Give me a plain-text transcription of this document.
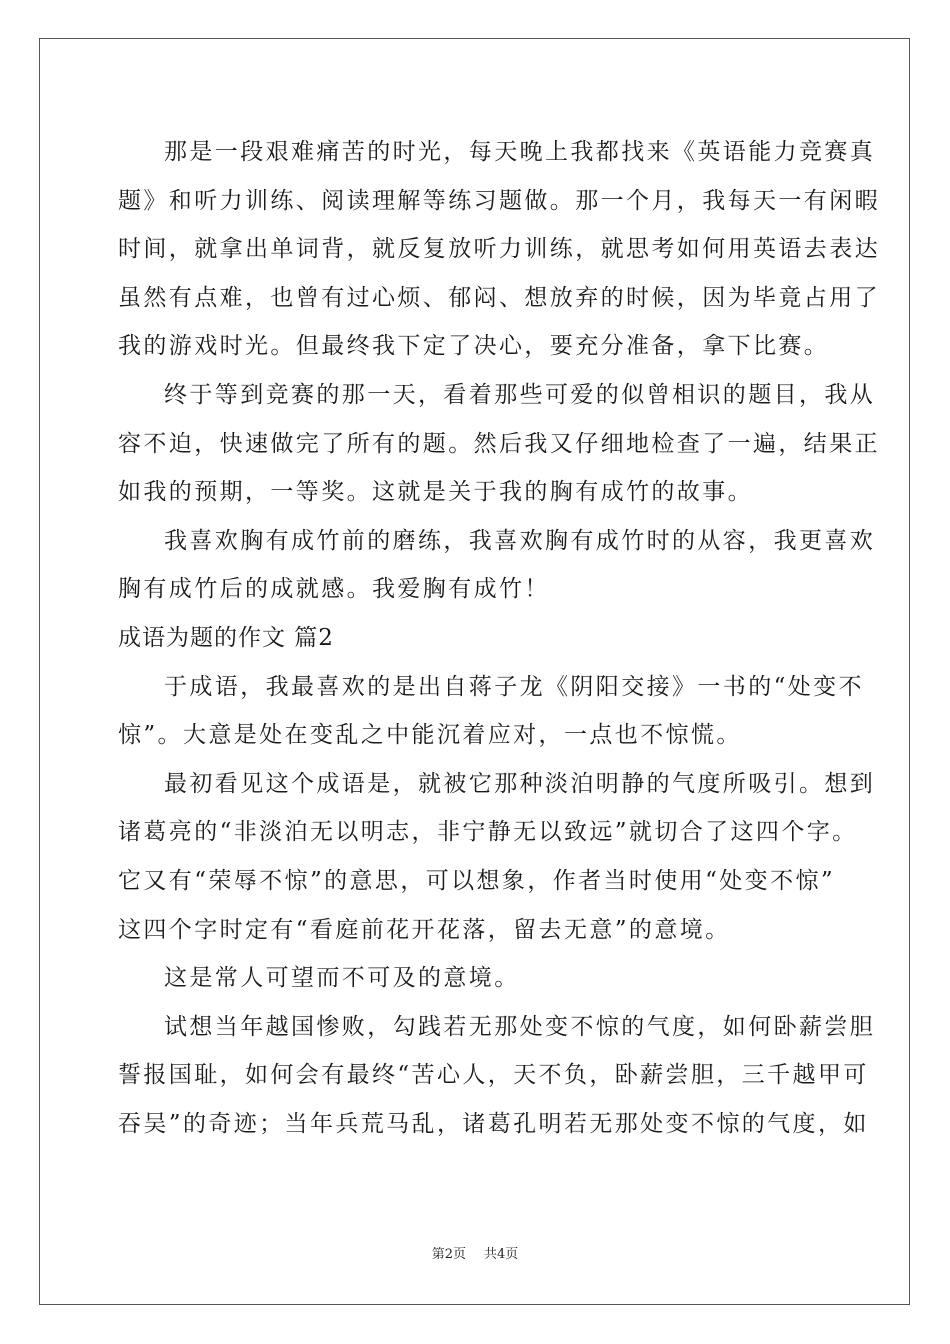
那是一段艰难痛苦的时光，每天晚上我都找来《英语能力竞赛真
题》和听力训练、阅读理解等练习题做。那一个月，我每天一有闲暇
时间，就拿出单词背，就反复放听力训练，就思考如何用英语去表达
虽然有点难，也曾有过心烦、郁闷、想放弃的时候，因为毕竟占用了
我的游戏时光。但最终我下定了决心，要充分准备，拿下比赛。

终于等到竞赛的那一天，看着那些可爱的似曾相识的题目，我从
容不迫，快速做完了所有的题。然后我又仔细地检查了一遍，结果正
如我的预期，一等奖。这就是关于我的胸有成竹的故事。

我喜欢胸有成竹前的磨练，我喜欢胸有成竹时的从容，我更喜欢
胸有成竹后的成就感。我爱胸有成竹！

成语为题的作文 篇2

于成语，我最喜欢的是出自蒋子龙《阴阳交接》一书的“处变不
惊”。大意是处在变乱之中能沉着应对，一点也不惊慌。

最初看见这个成语是，就被它那种淡泊明静的气度所吸引。想到
诸葛亮的“非淡泊无以明志，非宁静无以致远”就切合了这四个字。
它又有“荣辱不惊”的意思，可以想象，作者当时使用“处变不惊”
这四个字时定有“看庭前花开花落，留去无意”的意境。

这是常人可望而不可及的意境。

试想当年越国惨败，勾践若无那处变不惊的气度，如何卧薪尝胆
誓报国耻，如何会有最终“苦心人，天不负，卧薪尝胆，三千越甲可
吞吴”的奇迹；当年兵荒马乱，诸葛孔明若无那处变不惊的气度，如

第2页 共4页
